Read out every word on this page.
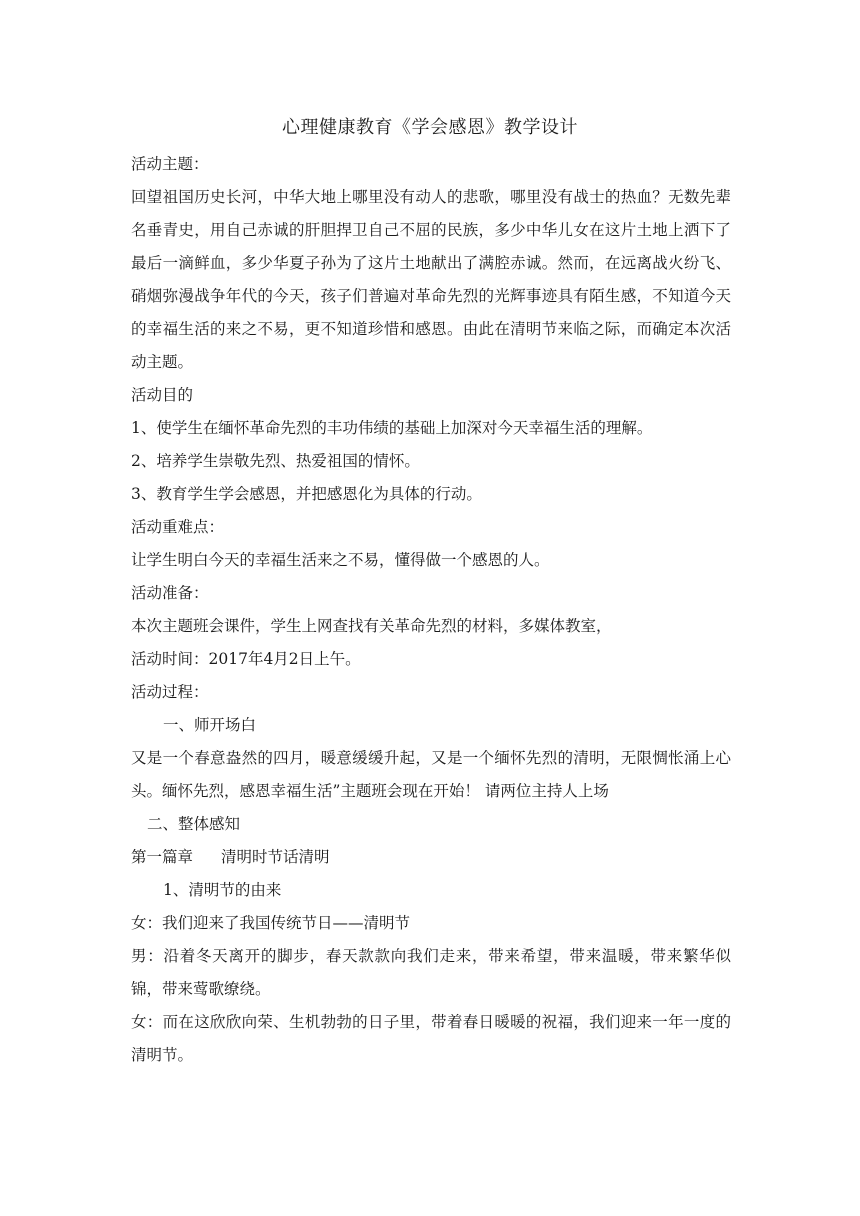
心理健康教育《学会感恩》教学设计

活动主题：

回望祖国历史长河，中华大地上哪里没有动人的悲歌，哪里没有战士的热血？无数先辈名垂青史，用自己赤诚的肝胆捍卫自己不屈的民族，多少中华儿女在这片土地上洒下了最后一滴鲜血，多少华夏子孙为了这片土地献出了满腔赤诚。然而，在远离战火纷飞、硝烟弥漫战争年代的今天，孩子们普遍对革命先烈的光辉事迹具有陌生感，不知道今天的幸福生活的来之不易，更不知道珍惜和感恩。由此在清明节来临之际，而确定本次活动主题。

活动目的

1、使学生在缅怀革命先烈的丰功伟绩的基础上加深对今天幸福生活的理解。

2、培养学生崇敬先烈、热爱祖国的情怀。

3、教育学生学会感恩，并把感恩化为具体的行动。

活动重难点：

让学生明白今天的幸福生活来之不易，懂得做一个感恩的人。

活动准备：

本次主题班会课件，学生上网查找有关革命先烈的材料，多媒体教室，

活动时间：2017年4月2日上午。

活动过程：

一、师开场白

又是一个春意盎然的四月，暖意缓缓升起，又是一个缅怀先烈的清明，无限惆怅涌上心头。缅怀先烈，感恩幸福生活”主题班会现在开始！ 请两位主持人上场

二、整体感知

第一篇章 清明时节话清明

1、清明节的由来

女：我们迎来了我国传统节日——清明节

男：沿着冬天离开的脚步，春天款款向我们走来，带来希望，带来温暖，带来繁华似锦，带来莺歌缭绕。

女：而在这欣欣向荣、生机勃勃的日子里，带着春日暖暖的祝福，我们迎来一年一度的清明节。
